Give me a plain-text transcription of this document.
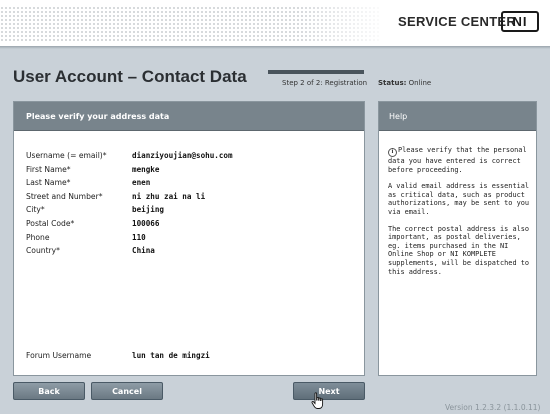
SERVICE CENTER
NI
User Account – Contact Data	Step 2 of 2: Registration Status: Online
Please verify your address data
Username (= email)*	dianziyoujian@sohu.com
First Name*	mengke
Last Name*	enen
Street and Number*	ni zhu zai na li
City*	beijing
Postal Code*	100066
Phone	110
Country*	China
Forum Username	lun tan de mingzi
Help

i Please verify that the personal data you have entered is correct before proceeding.

A valid email address is essential as critical data, such as product authorizations, may be sent to you via email.

The correct postal address is also important, as postal deliveries, eg. items purchased in the NI Online Shop or NI KOMPLETE supplements, will be dispatched to this address.

Back	Cancel	Next
Version 1.2.3.2 (1.1.0.11)
